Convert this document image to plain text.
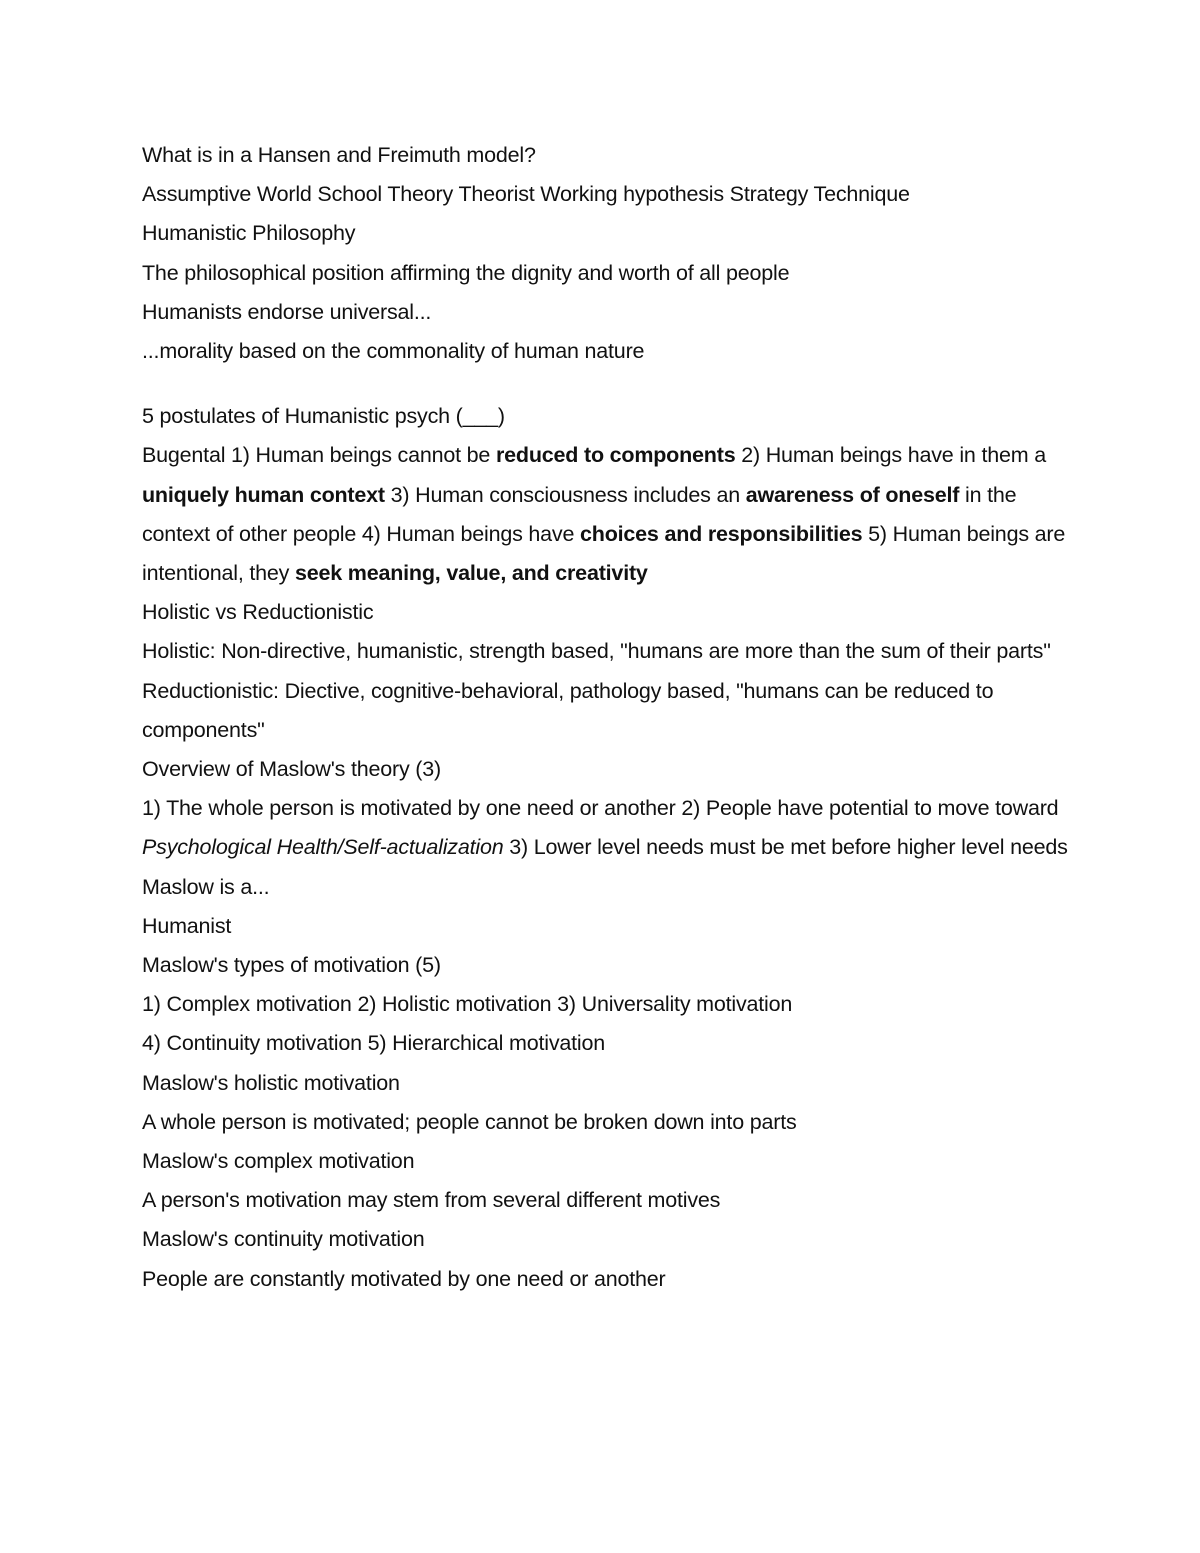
What is in a Hansen and Freimuth model?

Assumptive World School Theory Theorist Working hypothesis Strategy Technique

Humanistic Philosophy

The philosophical position affirming the dignity and worth of all people

Humanists endorse universal...

...morality based on the commonality of human nature

5 postulates of Humanistic psych (___)

Bugental 1) Human beings cannot be reduced to components 2) Human beings have in them a uniquely human context 3) Human consciousness includes an awareness of oneself in the context of other people 4) Human beings have choices and responsibilities 5) Human beings are intentional, they seek meaning, value, and creativity

Holistic vs Reductionistic

Holistic: Non-directive, humanistic, strength based, "humans are more than the sum of their parts"

Reductionistic: Diective, cognitive-behavioral, pathology based, "humans can be reduced to components"

Overview of Maslow's theory (3)

1) The whole person is motivated by one need or another 2) People have potential to move toward Psychological Health/Self-actualization 3) Lower level needs must be met before higher level needs

Maslow is a...

Humanist

Maslow's types of motivation (5)

1) Complex motivation 2) Holistic motivation 3) Universality motivation

4) Continuity motivation 5) Hierarchical motivation

Maslow's holistic motivation

A whole person is motivated; people cannot be broken down into parts

Maslow's complex motivation

A person's motivation may stem from several different motives

Maslow's continuity motivation

People are constantly motivated by one need or another
